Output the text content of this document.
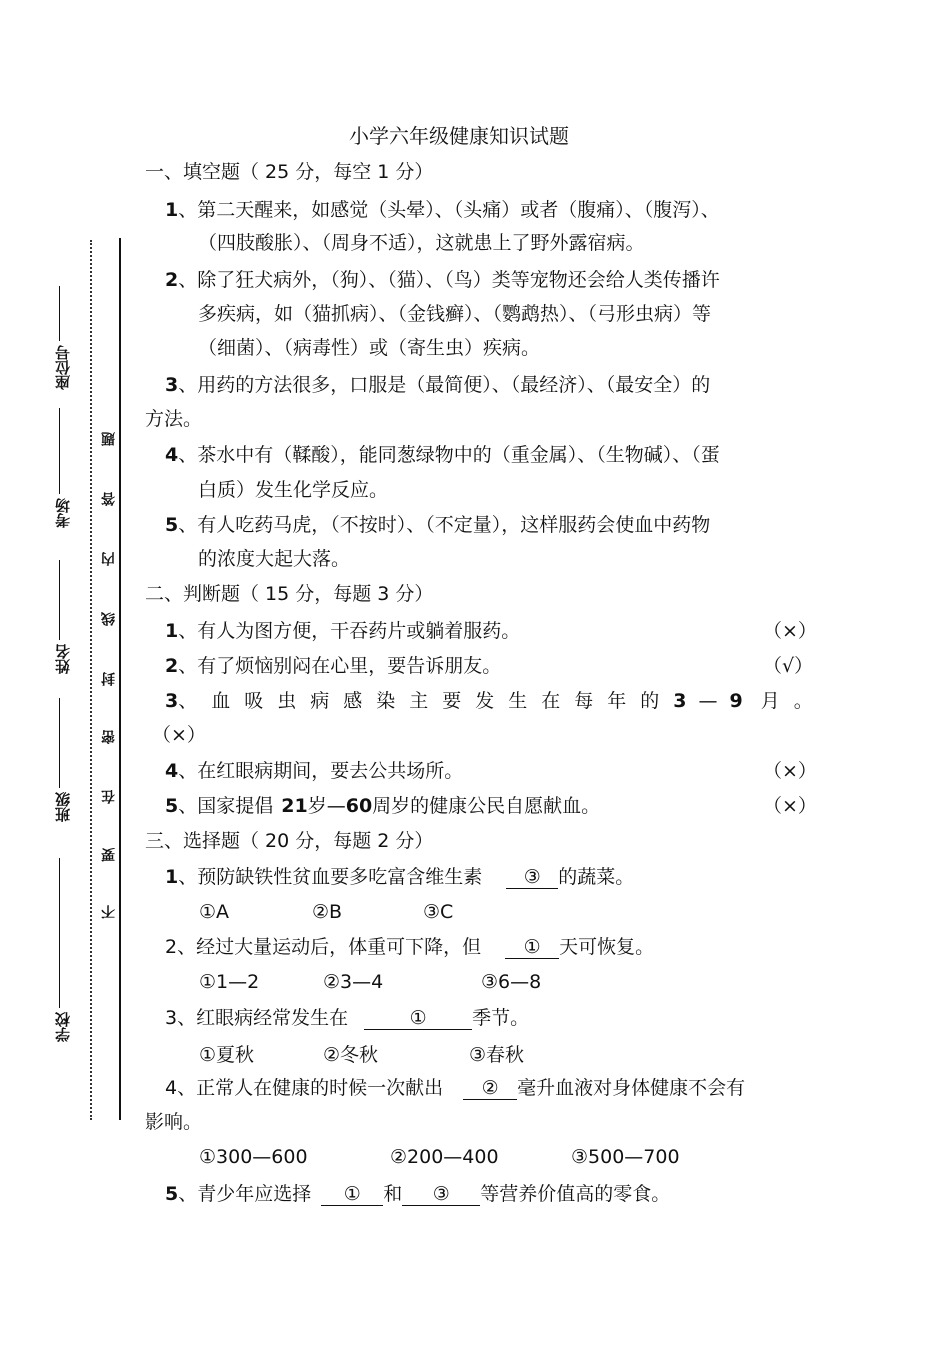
学校
班级
姓名
考场
座位号
不
要
在
密
封
线
内
答
题
小学六年级健康知识试题
一、填空题（ 25 分，每空 1 分）
1、第二天醒来，如感觉（头晕）、（头痛）或者（腹痛）、（腹泻）、
（四肢酸胀）、（周身不适），这就患上了野外露宿病。
2、除了狂犬病外，（狗）、（猫）、（鸟）类等宠物还会给人类传播许
多疾病，如（猫抓病）、（金钱癣）、（鹦鹉热）、（弓形虫病）等
（细菌）、（病毒性）或（寄生虫）疾病。
3、用药的方法很多，口服是（最简便）、（最经济）、（最安全）的
方法。
4、茶水中有（鞣酸），能同葱绿物中的（重金属）、（生物碱）、（蛋
白质）发生化学反应。
5、有人吃药马虎，（不按时）、（不定量），这样服药会使血中药物
的浓度大起大落。
二、判断题（ 15 分，每题 3 分）
1、有人为图方便，干吞药片或躺着服药。	（×）
2、有了烦恼别闷在心里，要告诉朋友。	（√）
3、血吸虫病感染主要发生在每年的3 — 9 月。
（×）
4、在红眼病期间，要去公共场所。	（×）
5、国家提倡 21岁—60周岁的健康公民自愿献血。	（×）
三、选择题（ 20 分，每题 2 分）
1、预防缺铁性贫血要多吃富含维生素 ③ 的蔬菜。
①A	②B	③C
2、经过大量运动后，体重可下降，但 ① 天可恢复。
①1—2	②3—4	③6—8
3、红眼病经常发生在	① 季节。
①夏秋	②冬秋	③春秋
4、正常人在健康的时候一次献出 ② 毫升血液对身体健康不会有
影响。
①300—600	②200—400	③500—700
5、青少年应选择 ① 和 ③ 等营养价值高的零食。
